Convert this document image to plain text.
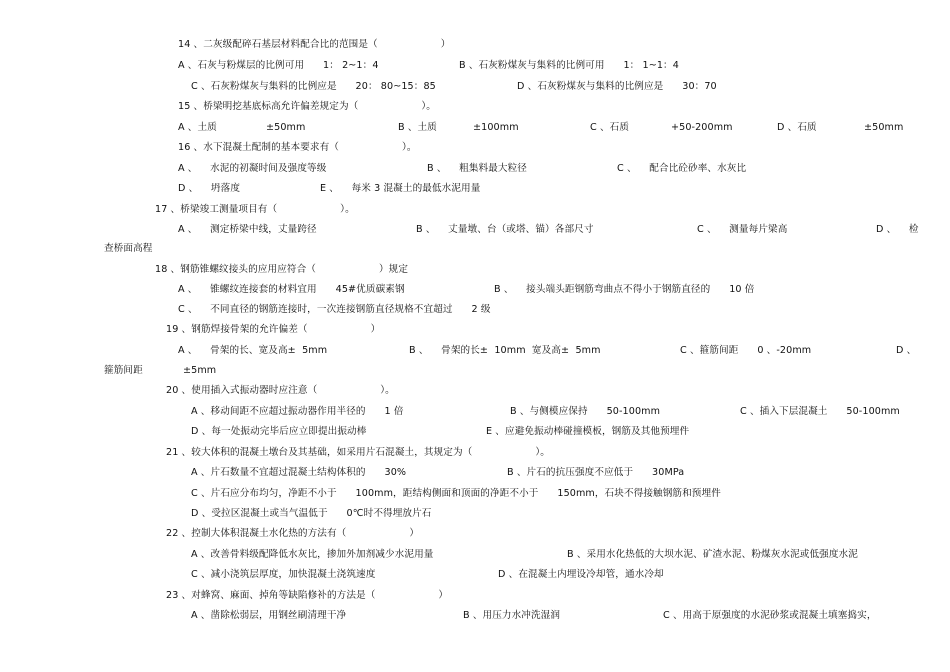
14 、二灰级配碎石基层材料配合比的范围是（                    ）
A 、石灰与粉煤层的比例可用      1： 2~1：4	B 、石灰粉煤灰与集料的比例可用      1： 1~1：4
C 、石灰粉煤灰与集料的比例应是      20： 80~15：85	D 、石灰粉煤灰与集料的比例应是      30：70
15 、桥梁明挖基底标高允许偏差规定为（                    ）。
A 、土质	±50mm	B 、土质	±100mm	C 、石质	+50-200mm	D 、石质	±50mm
16 、水下混凝土配制的基本要求有（                    ）。
A 、    水泥的初凝时间及强度等级	B 、    粗集料最大粒径	C 、    配合比砼砂率、水灰比
D 、    坍落度	E 、    每米 3 混凝土的最低水泥用量
17 、桥梁竣工测量项目有（                    ）。
A 、    测定桥梁中线，丈量跨径	B 、    丈量墩、台（或塔、锚）各部尺寸	C 、    测量每片梁高	D 、    检
查桥面高程
18 、钢筋锥螺纹接头的应用应符合（                    ）规定
A 、    锥螺纹连接套的材料宜用      45#优质碳素钢	B 、    接头端头距钢筋弯曲点不得小于钢筋直径的      10 倍
C 、    不同直径的钢筋连接时，一次连接钢筋直径规格不宜超过      2 级
19 、钢筋焊接骨架的允许偏差（                    ）
A 、    骨架的长、宽及高±  5mm	B 、    骨架的长±  10mm  宽及高±  5mm	C 、箍筋间距      0 、-20mm	D 、
箍筋间距	±5mm
20 、使用插入式振动器时应注意（                    ）。
A 、移动间距不应超过振动器作用半径的      1 倍	B 、与侧模应保持      50-100mm	C 、插入下层混凝土      50-100mm
D 、每一处振动完毕后应立即提出振动棒	E 、应避免振动棒碰撞模板，钢筋及其他预埋件
21 、较大体积的混凝土墩台及其基础，如采用片石混凝土，其规定为（                    ）。
A 、片石数量不宜超过混凝土结构体积的      30%	B 、片石的抗压强度不应低于      30MPa
C 、片石应分布均匀，净距不小于      100mm，距结构侧面和顶面的净距不小于      150mm，石块不得接触钢筋和预埋件
D 、受拉区混凝土或当气温低于      0℃时不得埋放片石
22 、控制大体积混凝土水化热的方法有（                    ）
A 、改善骨料级配降低水灰比，掺加外加剂减少水泥用量	B 、采用水化热低的大坝水泥、矿渣水泥、粉煤灰水泥或低强度水泥
C 、减小浇筑层厚度，加快混凝土浇筑速度	D 、在混凝土内埋设冷却管，通水冷却
23 、对蜂窝、麻面、掉角等缺陷修补的方法是（                    ）
A 、凿除松弱层，用钢丝刷清理干净	B 、用压力水冲洗湿润	C 、用高于原强度的水泥砂浆或混凝土填塞捣实，
